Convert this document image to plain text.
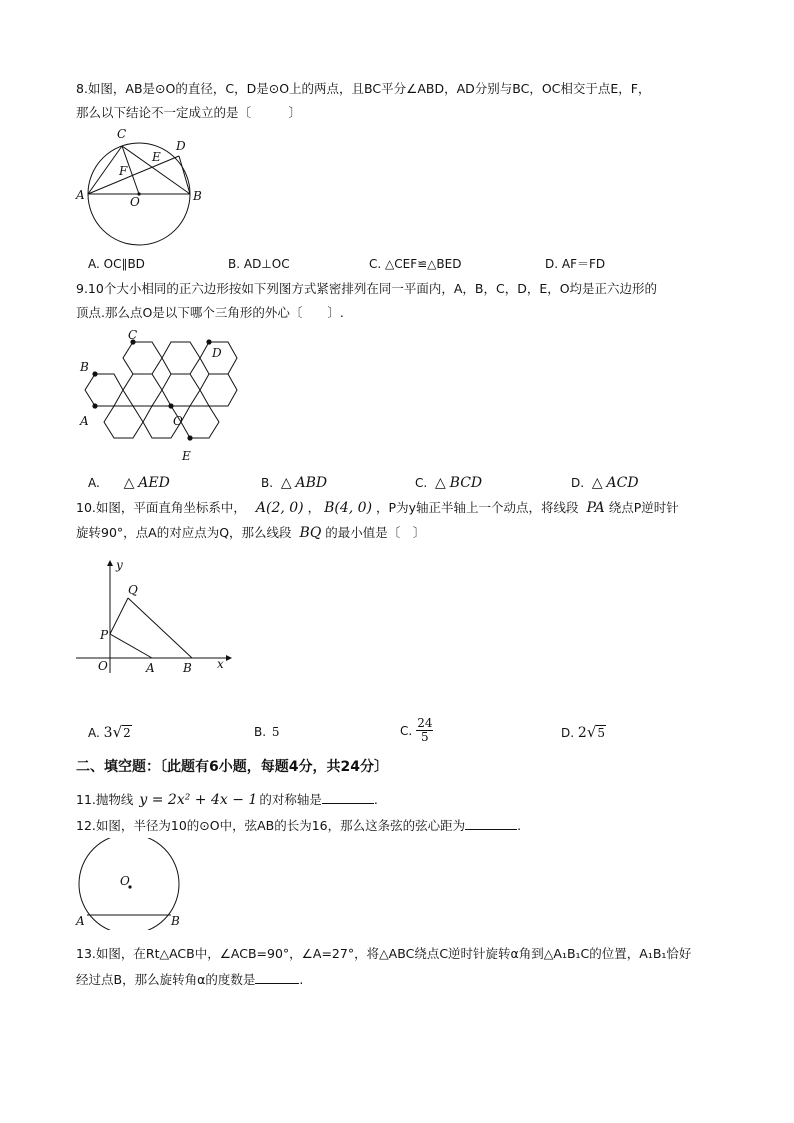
8.如图，AB是⊙O的直径，C，D是⊙O上的两点，且BC平分∠ABD，AD分别与BC，OC相交于点E，F，
那么以下结论不一定成立的是〔　　　〕
C
D
E
F
A	O	B
A. OC∥BD	B. AD⊥OC	C. △CEF≌△BED	D. AF＝FD
9.10个大小相同的正六边形按如下列图方式紧密排列在同一平面内，A，B，C，D，E，O均是正六边形的
顶点.那么点O是以下哪个三角形的外心〔　　〕.
C
D
B
A	O
E
A. △ AED	B. △ ABD	C. △ BCD	D. △ ACD
10.如图，平面直角坐标系中， A(2, 0) ， B(4, 0) ，P为y轴正半轴上一个动点，将线段 PA 绕点P逆时针
旋转90°，点A的对应点为Q，那么线段 BQ 的最小值是〔　〕
y
Q
P
O	A B x
A. 3√2	B. 5	C. $\frac{24}{5}$	D. 2√5
二、填空题：〔此题有6小题，每题4分，共24分〕
11.抛物线 y = 2x² + 4x − 1 的对称轴是	.
12.如图，半径为10的⊙O中，弦AB的长为16，那么这条弦的弦心距为	.
O
A	B
13.如图，在Rt△ACB中，∠ACB=90°，∠A=27°，将△ABC绕点C逆时针旋转α角到△A₁B₁C的位置，A₁B₁恰好
经过点B，那么旋转角α的度数是	.
